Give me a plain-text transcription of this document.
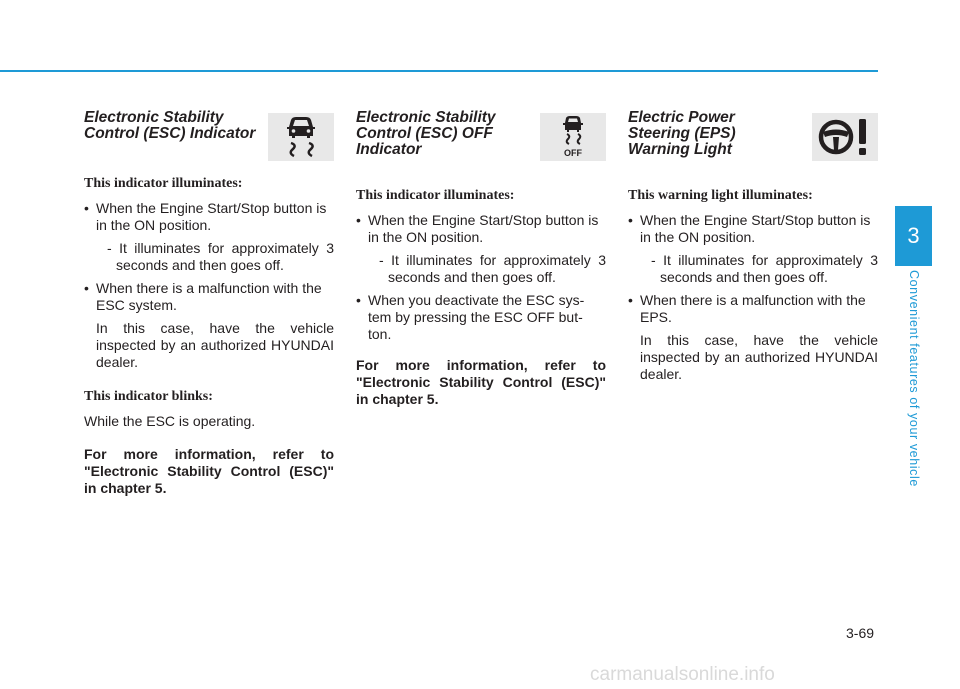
Electronic Stability
Control (ESC) Indicator

This indicator illuminates:

• When the Engine Start/Stop button is in the ON position.
- It illuminates for approximately 3 seconds and then goes off.
• When there is a malfunction with the ESC system.

In this case, have the vehicle inspected by an authorized HYUNDAI dealer.

This indicator blinks:

While the ESC is operating.

For more information, refer to "Electronic Stability Control (ESC)" in chapter 5.

Electronic Stability
Control (ESC) OFF
Indicator	OFF

This indicator illuminates:

• When the Engine Start/Stop button is in the ON position.
- It illuminates for approximately 3 seconds and then goes off.
• When you deactivate the ESC sys-tem by pressing the ESC OFF but-ton.

For more information, refer to "Electronic Stability Control (ESC)" in chapter 5.

Electric Power
Steering (EPS)
Warning Light

This warning light illuminates:

• When the Engine Start/Stop button is in the ON position.
- It illuminates for approximately 3 seconds and then goes off.
• When there is a malfunction with the EPS.

In this case, have the vehicle inspected by an authorized HYUNDAI dealer.

3
Convenient features of your vehicle
3-69
carmanualsonline.info
